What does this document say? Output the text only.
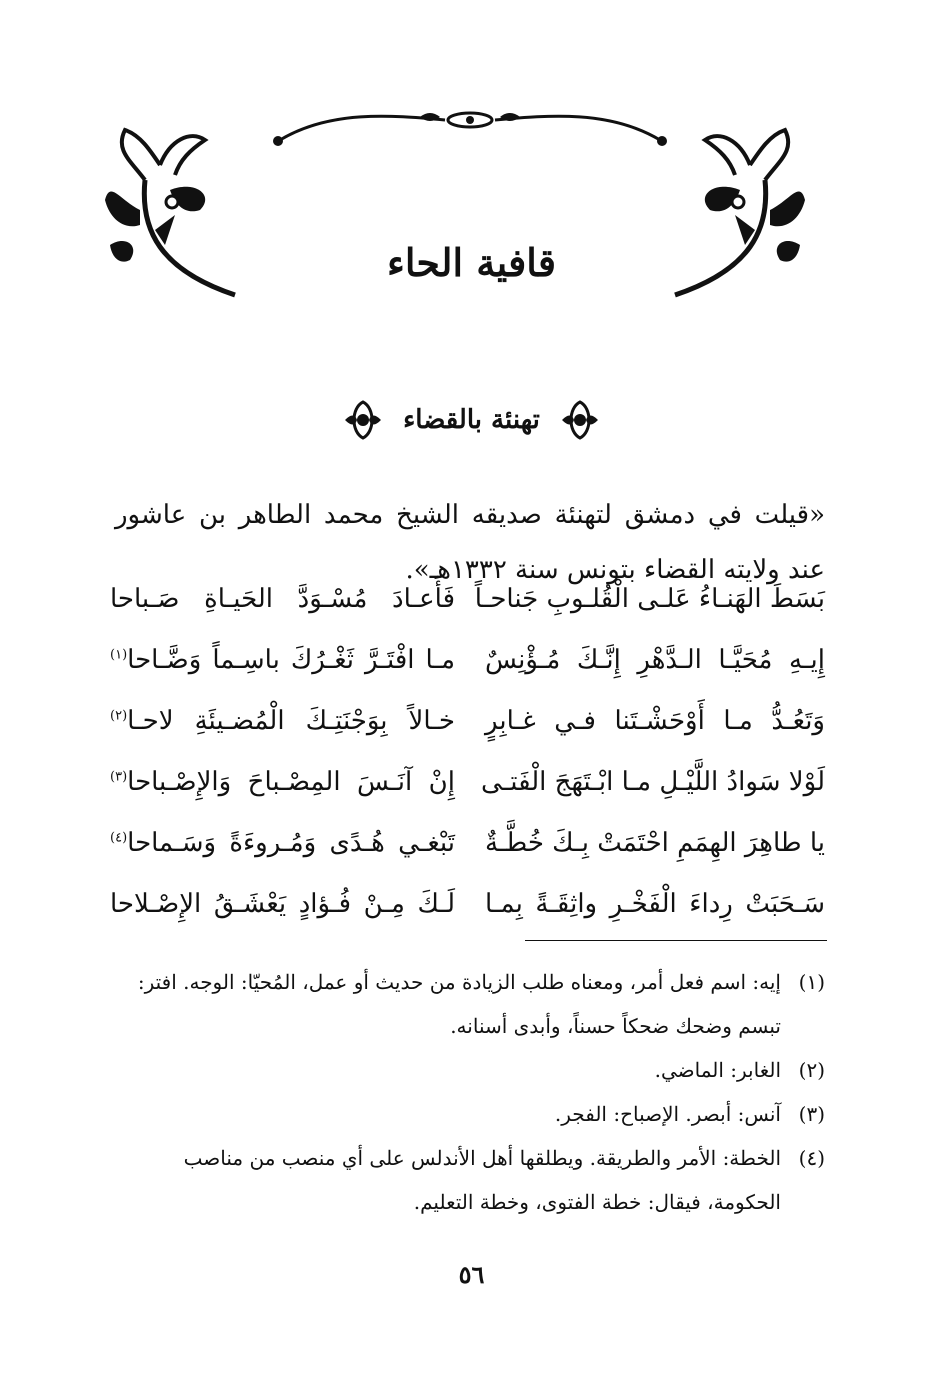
قافية الحاء
تهنئة بالقضاء

«قيلت في دمشق لتهنئة صديقه الشيخ محمد الطاهر بن عاشور عند ولايته القضاء بتونس سنة ١٣٣٢هـ».

بَسَطَ الهَنـاءُ عَلـى الْقُلـوبِ جَناحـاً
فَأَعـادَ مُسْـوَدَّ الحَيـاةِ صَـباحا
إِيـهِ مُحَيَّـا الـدَّهْرِ إِنَّـكَ مُـؤْنِسٌ
مـا افْتَـرَّ ثَغْـرُكَ باسِـماً وَضَّـاحا$^{(١)}$
وَتَعُـدُّ مـا أَوْحَشْـتَنا فـي غـابِرٍ
خـالاً بِوَجْنَتِـكَ الْمُضـيئَةِ لاحـا$^{(٢)}$
لَوْلا سَوادُ اللَّيْـلِ مـا ابْـتَهَجَ الْفَتـى
إِنْ آنَـسَ المِصْـباحَ وَالإِصْـباحا$^{(٣)}$
يا طاهِرَ الهِمَمِ احْتَمَتْ بِـكَ خُطَّـةٌ
تَبْغـي هُـدًى وَمُـروءَةً وَسَـماحا$^{(٤)}$
سَـحَبَتْ رِداءَ الْفَخْـرِ واثِقَـةً بِمـا
لَـكَ مِـنْ فُـؤادٍ يَعْشَـقُ الإِصْـلاحا
(١)
إيه: اسم فعل أمر، ومعناه طلب الزيادة من حديث أو عمل، المُحيّا: الوجه. افتر: تبسم وضحك ضحكاً حسناً، وأبدى أسنانه.
(٢)
الغابر: الماضي.
(٣)
آنس: أبصر. الإصباح: الفجر.
(٤)
الخطة: الأمر والطريقة. ويطلقها أهل الأندلس على أي منصب من مناصب الحكومة، فيقال: خطة الفتوى، وخطة التعليم.
٥٦
